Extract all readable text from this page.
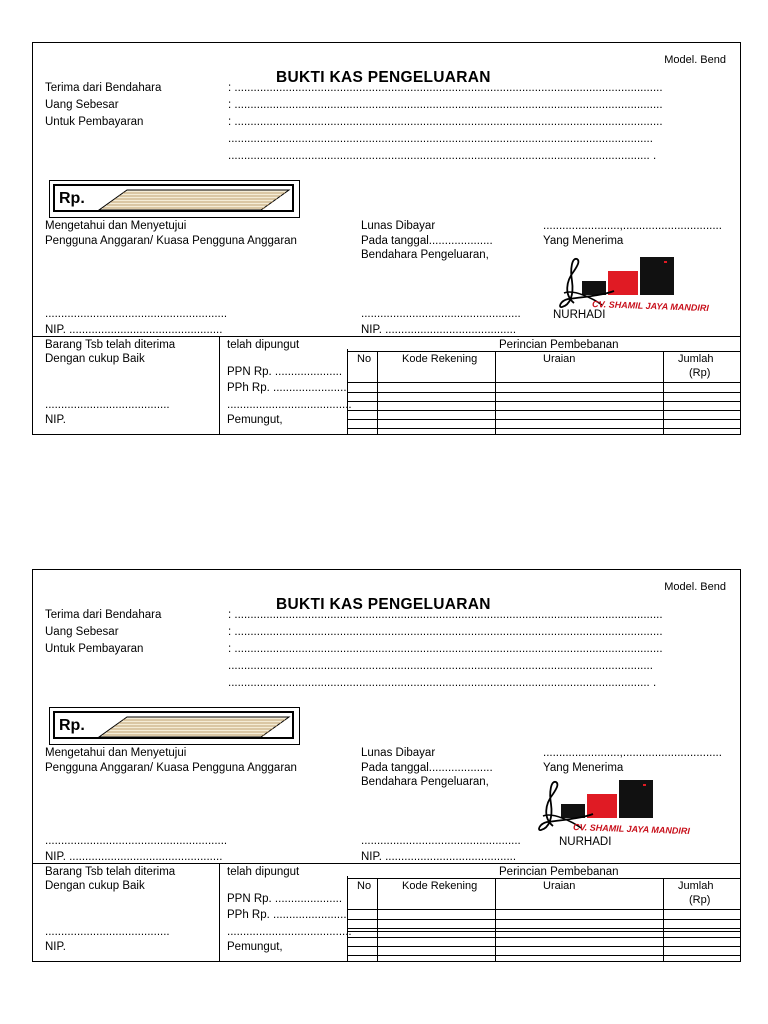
Model. Bend
BUKTI KAS PENGELUARAN
Terima dari Bendahara	: ......................................................................................................................................
Uang Sebesar	: ......................................................................................................................................
Untuk Pembayaran	: ......................................................................................................................................
.....................................................................................................................................
.................................................................................................................................... .
Rp.
Mengetahui dan Menyetujui
Pengguna Anggaran/ Kuasa Pengguna Anggaran
.........................................................
NIP. ................................................
Lunas Dibayar
Pada tanggal....................
Bendahara Pengeluaran,
..................................................
NIP. .........................................
........................,...............................
Yang Menerima
NURHADI
CV. SHAMIL JAYA MANDIRI
Barang Tsb telah diterima
Dengan cukup Baik
.......................................
NIP.
telah dipungut
PPN Rp. .....................
PPh Rp. .......................
.......................................
Pemungut,
Perincian Pembebanan
No	Kode Rekening	Uraian	Jumlah
(Rp)
Model. Bend
BUKTI KAS PENGELUARAN
Terima dari Bendahara	: ......................................................................................................................................
Uang Sebesar	: ......................................................................................................................................
Untuk Pembayaran	: ......................................................................................................................................
.....................................................................................................................................
.................................................................................................................................... .
Rp.
Mengetahui dan Menyetujui
Pengguna Anggaran/ Kuasa Pengguna Anggaran
.........................................................
NIP. ................................................
Lunas Dibayar
Pada tanggal....................
Bendahara Pengeluaran,
..................................................
NIP. .........................................
........................,...............................
Yang Menerima
NURHADI
CV. SHAMIL JAYA MANDIRI
Barang Tsb telah diterima
Dengan cukup Baik
.......................................
NIP.
telah dipungut
PPN Rp. .....................
PPh Rp. .......................
.......................................
Pemungut,
Perincian Pembebanan
No	Kode Rekening	Uraian	Jumlah
(Rp)
